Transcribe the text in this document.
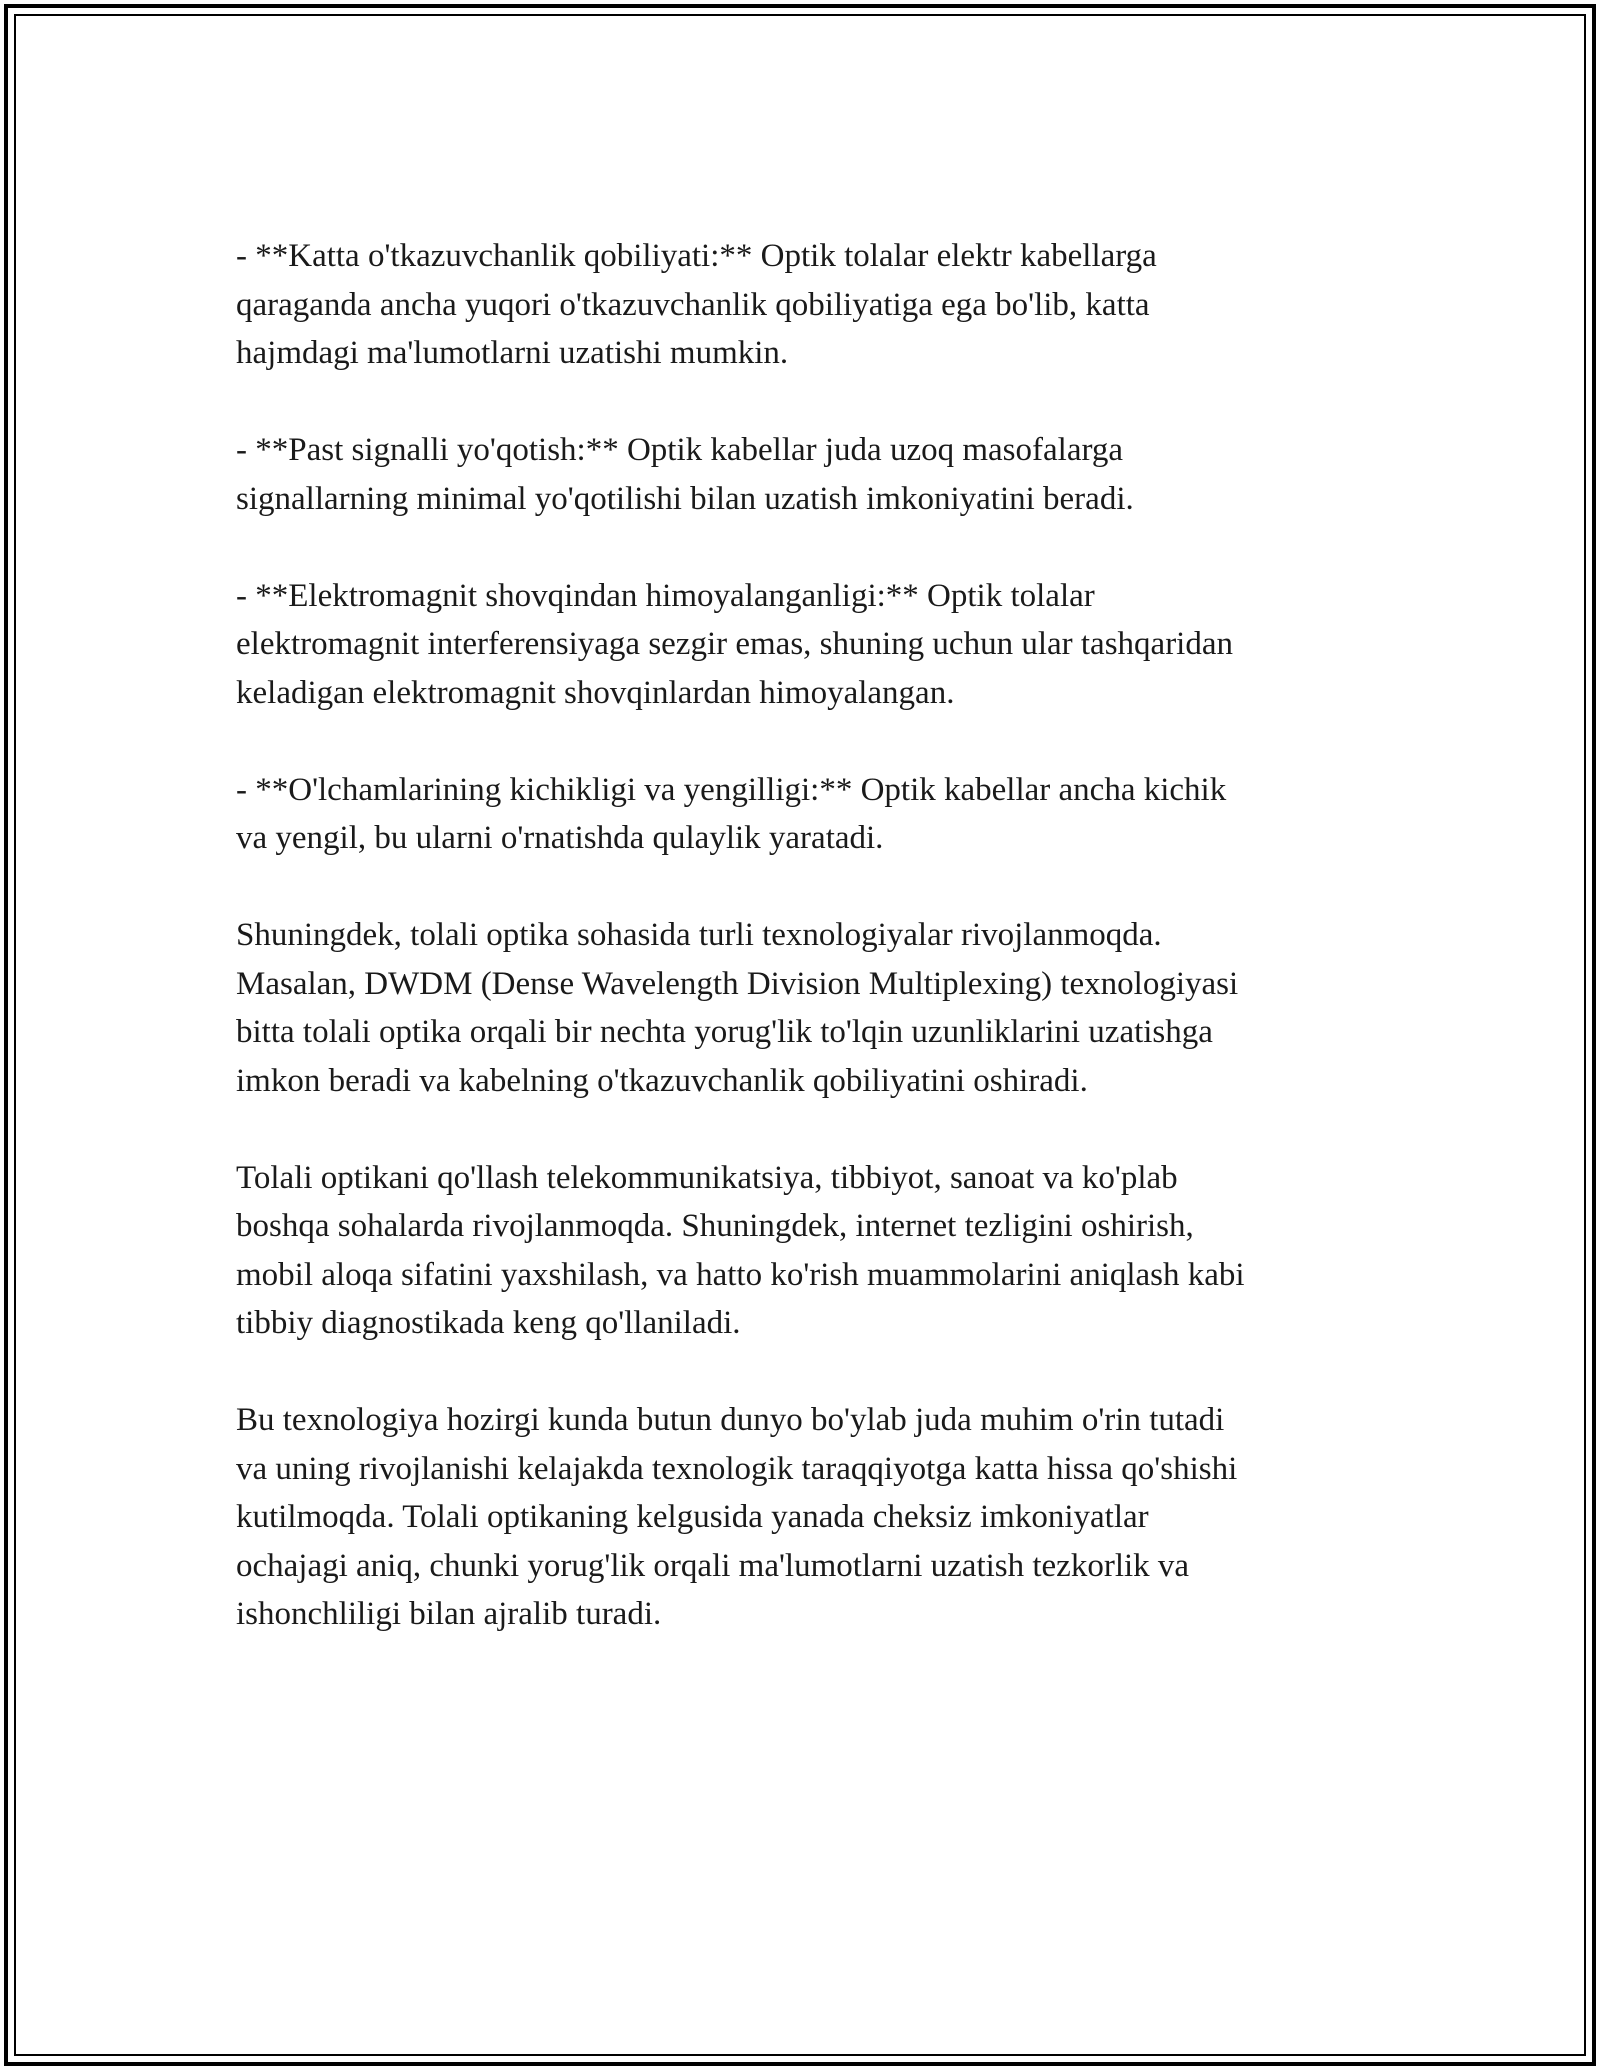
- **Katta o'tkazuvchanlik qobiliyati:** Optik tolalar elektr kabellarga
qaraganda ancha yuqori o'tkazuvchanlik qobiliyatiga ega bo'lib, katta
hajmdagi ma'lumotlarni uzatishi mumkin.

- **Past signalli yo'qotish:** Optik kabellar juda uzoq masofalarga
signallarning minimal yo'qotilishi bilan uzatish imkoniyatini beradi.

- **Elektromagnit shovqindan himoyalanganligi:** Optik tolalar
elektromagnit interferensiyaga sezgir emas, shuning uchun ular tashqaridan
keladigan elektromagnit shovqinlardan himoyalangan.

- **O'lchamlarining kichikligi va yengilligi:** Optik kabellar ancha kichik
va yengil, bu ularni o'rnatishda qulaylik yaratadi.

Shuningdek, tolali optika sohasida turli texnologiyalar rivojlanmoqda.
Masalan, DWDM (Dense Wavelength Division Multiplexing) texnologiyasi
bitta tolali optika orqali bir nechta yorug'lik to'lqin uzunliklarini uzatishga
imkon beradi va kabelning o'tkazuvchanlik qobiliyatini oshiradi.

Tolali optikani qo'llash telekommunikatsiya, tibbiyot, sanoat va ko'plab
boshqa sohalarda rivojlanmoqda. Shuningdek, internet tezligini oshirish,
mobil aloqa sifatini yaxshilash, va hatto ko'rish muammolarini aniqlash kabi
tibbiy diagnostikada keng qo'llaniladi.

Bu texnologiya hozirgi kunda butun dunyo bo'ylab juda muhim o'rin tutadi
va uning rivojlanishi kelajakda texnologik taraqqiyotga katta hissa qo'shishi
kutilmoqda. Tolali optikaning kelgusida yanada cheksiz imkoniyatlar
ochajagi aniq, chunki yorug'lik orqali ma'lumotlarni uzatish tezkorlik va
ishonchliligi bilan ajralib turadi.
